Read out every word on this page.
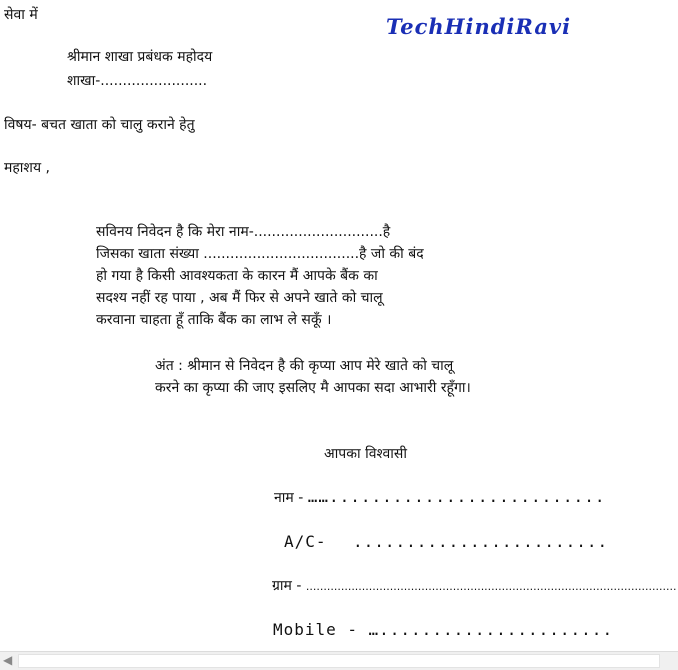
TechHindiRavi
सेवा में
श्रीमान शाखा प्रबंधक महोदय
शाखा-........................
विषय- बचत खाता को चालु कराने हेतु
महाशय ,
सविनय निवेदन है कि मेरा नाम-.............................है
जिसका खाता संख्या ...................................है जो की बंद
हो गया है किसी आवश्यकता के कारन मैं आपके बैंक का
सदश्य नहीं रह पाया , अब मैं फिर से अपने खाते को चालू
करवाना चाहता हूँ ताकि बैंक का लाभ ले सकूँ ।
अंत : श्रीमान से निवेदन है की कृप्या आप मेरे खाते को चालू
करने का कृप्या की जाए इसलिए मै आपका सदा आभारी रहूँगा।
आपका विश्वासी
नाम - ……..........................
A/C- ........................
ग्राम - ..........................................................................................................
Mobile - …......................
◀
